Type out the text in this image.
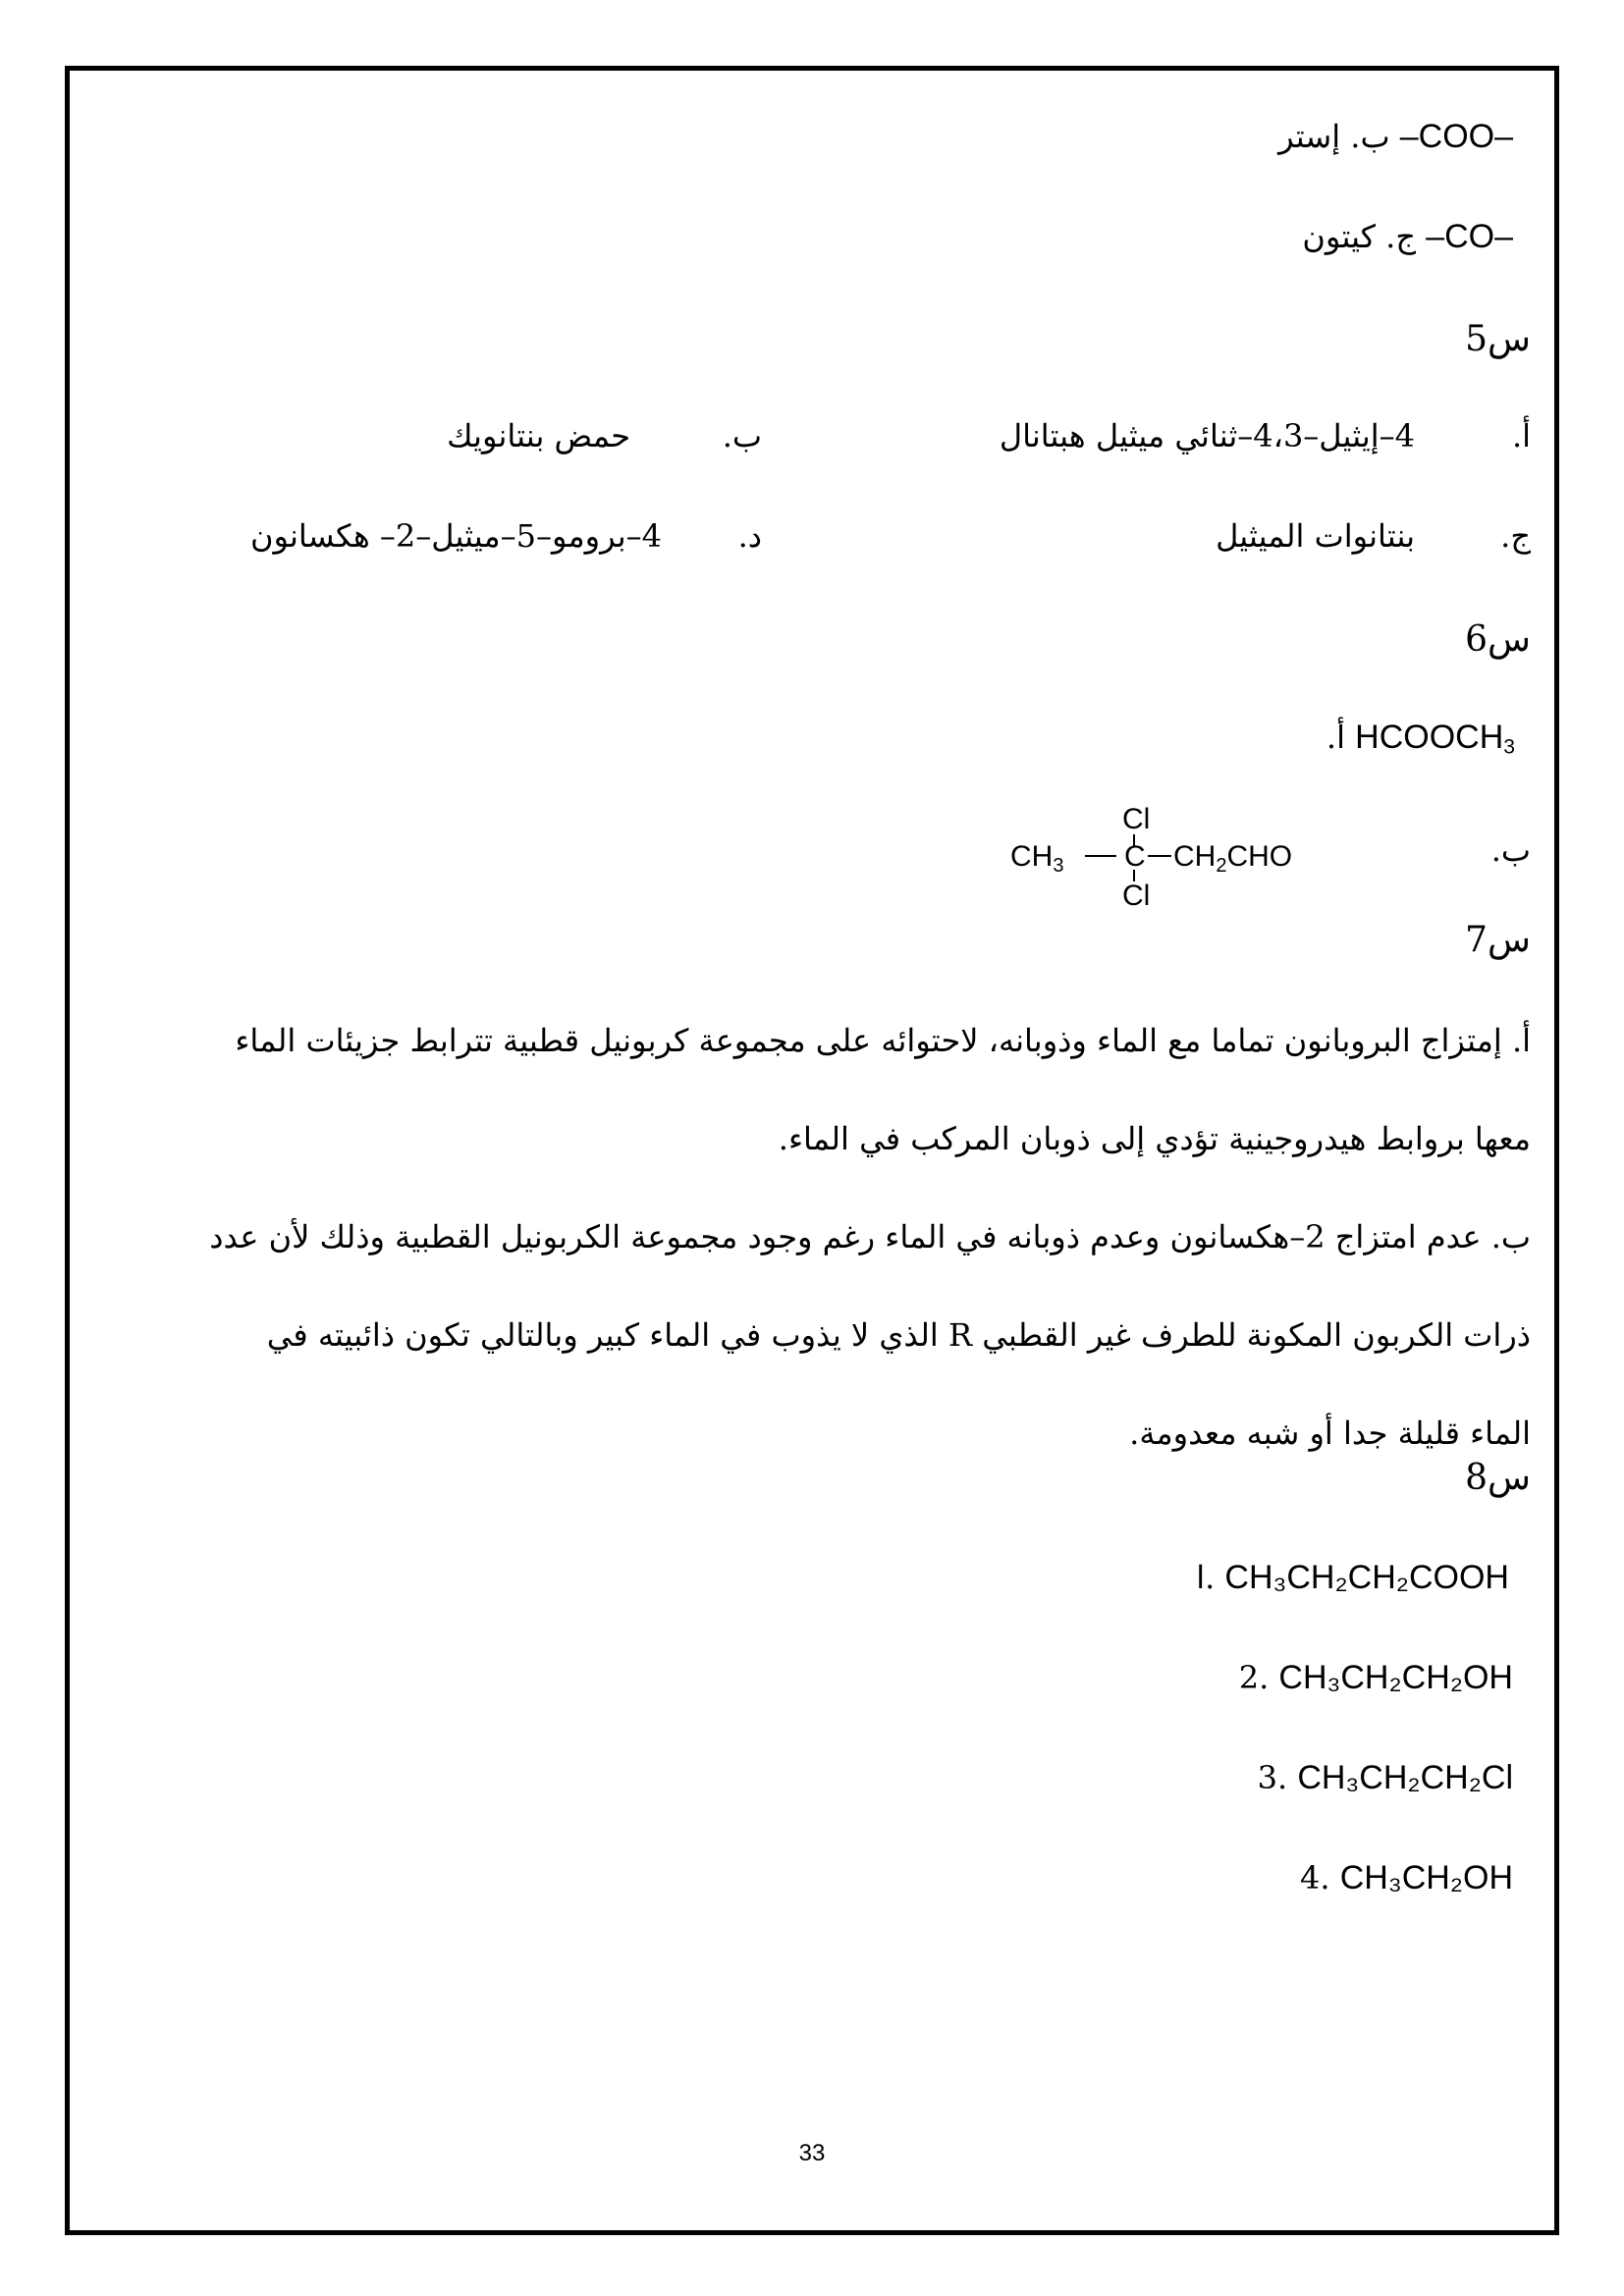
ب. إستر –COO–
ج. كيتون –CO–
س5
أ.
4–إيثيل–4،3–ثنائي ميثيل هبتانال
ب.
حمض بنتانويك
ج.
بنتانوات الميثيل
د.
4–برومو–5–ميثيل–2– هكسانون
س6
أ. $HCOOCH_3$
ب.
Cl
$CH_3$ C $CH_2CHO$
Cl
س7
أ. إمتزاج البروبانون تماما مع الماء وذوبانه، لاحتوائه على مجموعة كربونيل قطبية تترابط جزيئات الماء
معها بروابط هيدروجينية تؤدي إلى ذوبان المركب في الماء.
ب. عدم امتزاج 2–هكسانون وعدم ذوبانه في الماء رغم وجود مجموعة الكربونيل القطبية وذلك لأن عدد
ذرات الكربون المكونة للطرف غير القطبي R الذي لا يذوب في الماء كبير وبالتالي تكون ذائبيته في
الماء قليلة جدا أو شبه معدومة.
س8
.ا CH₃CH₂CH₂COOH
.2 CH₃CH₂CH₂OH
.3 CH₃CH₂CH₂Cl
.4 CH₃CH₂OH
33
